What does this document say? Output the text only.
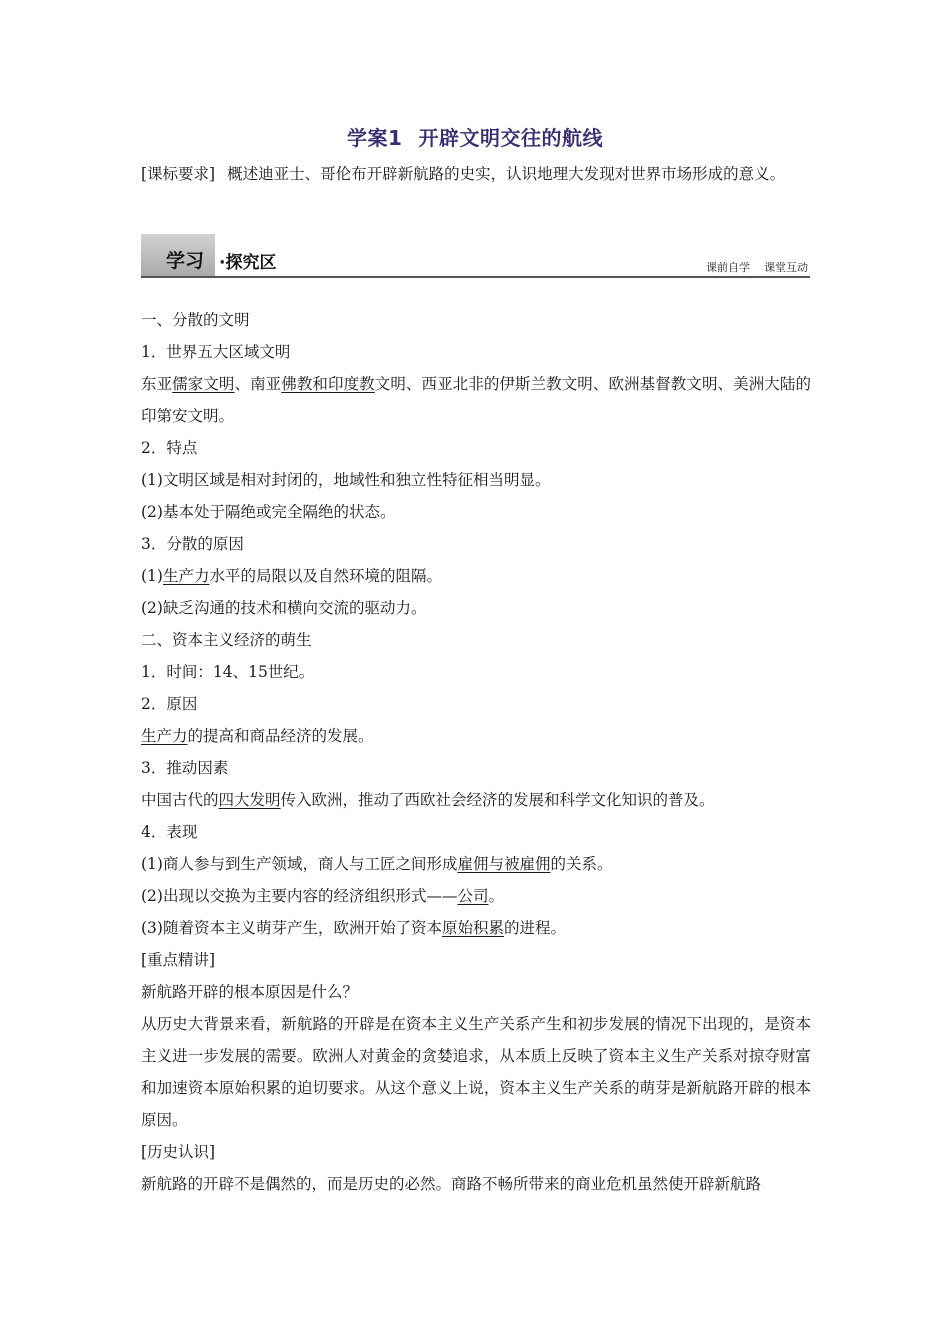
学案1 开辟文明交往的航线
[课标要求] 概述迪亚士、哥伦布开辟新航路的史实，认识地理大发现对世界市场形成的意义。
学习 ·探究区	课前自学 课堂互动

一、分散的文明

1．世界五大区域文明

东亚儒家文明、南亚佛教和印度教文明、西亚北非的伊斯兰教文明、欧洲基督教文明、美洲大陆的印第安文明。

2．特点

(1)文明区域是相对封闭的，地域性和独立性特征相当明显。

(2)基本处于隔绝或完全隔绝的状态。

3．分散的原因

(1)生产力水平的局限以及自然环境的阻隔。

(2)缺乏沟通的技术和横向交流的驱动力。

二、资本主义经济的萌生

1．时间：14、15世纪。

2．原因

生产力的提高和商品经济的发展。

3．推动因素

中国古代的四大发明传入欧洲，推动了西欧社会经济的发展和科学文化知识的普及。

4．表现

(1)商人参与到生产领域，商人与工匠之间形成雇佣与被雇佣的关系。

(2)出现以交换为主要内容的经济组织形式——公司。

(3)随着资本主义萌芽产生，欧洲开始了资本原始积累的进程。

[重点精讲]

新航路开辟的根本原因是什么？

从历史大背景来看，新航路的开辟是在资本主义生产关系产生和初步发展的情况下出现的，是资本主义进一步发展的需要。欧洲人对黄金的贪婪追求，从本质上反映了资本主义生产关系对掠夺财富和加速资本原始积累的迫切要求。从这个意义上说，资本主义生产关系的萌芽是新航路开辟的根本原因。

[历史认识]

新航路的开辟不是偶然的，而是历史的必然。商路不畅所带来的商业危机虽然使开辟新航路
